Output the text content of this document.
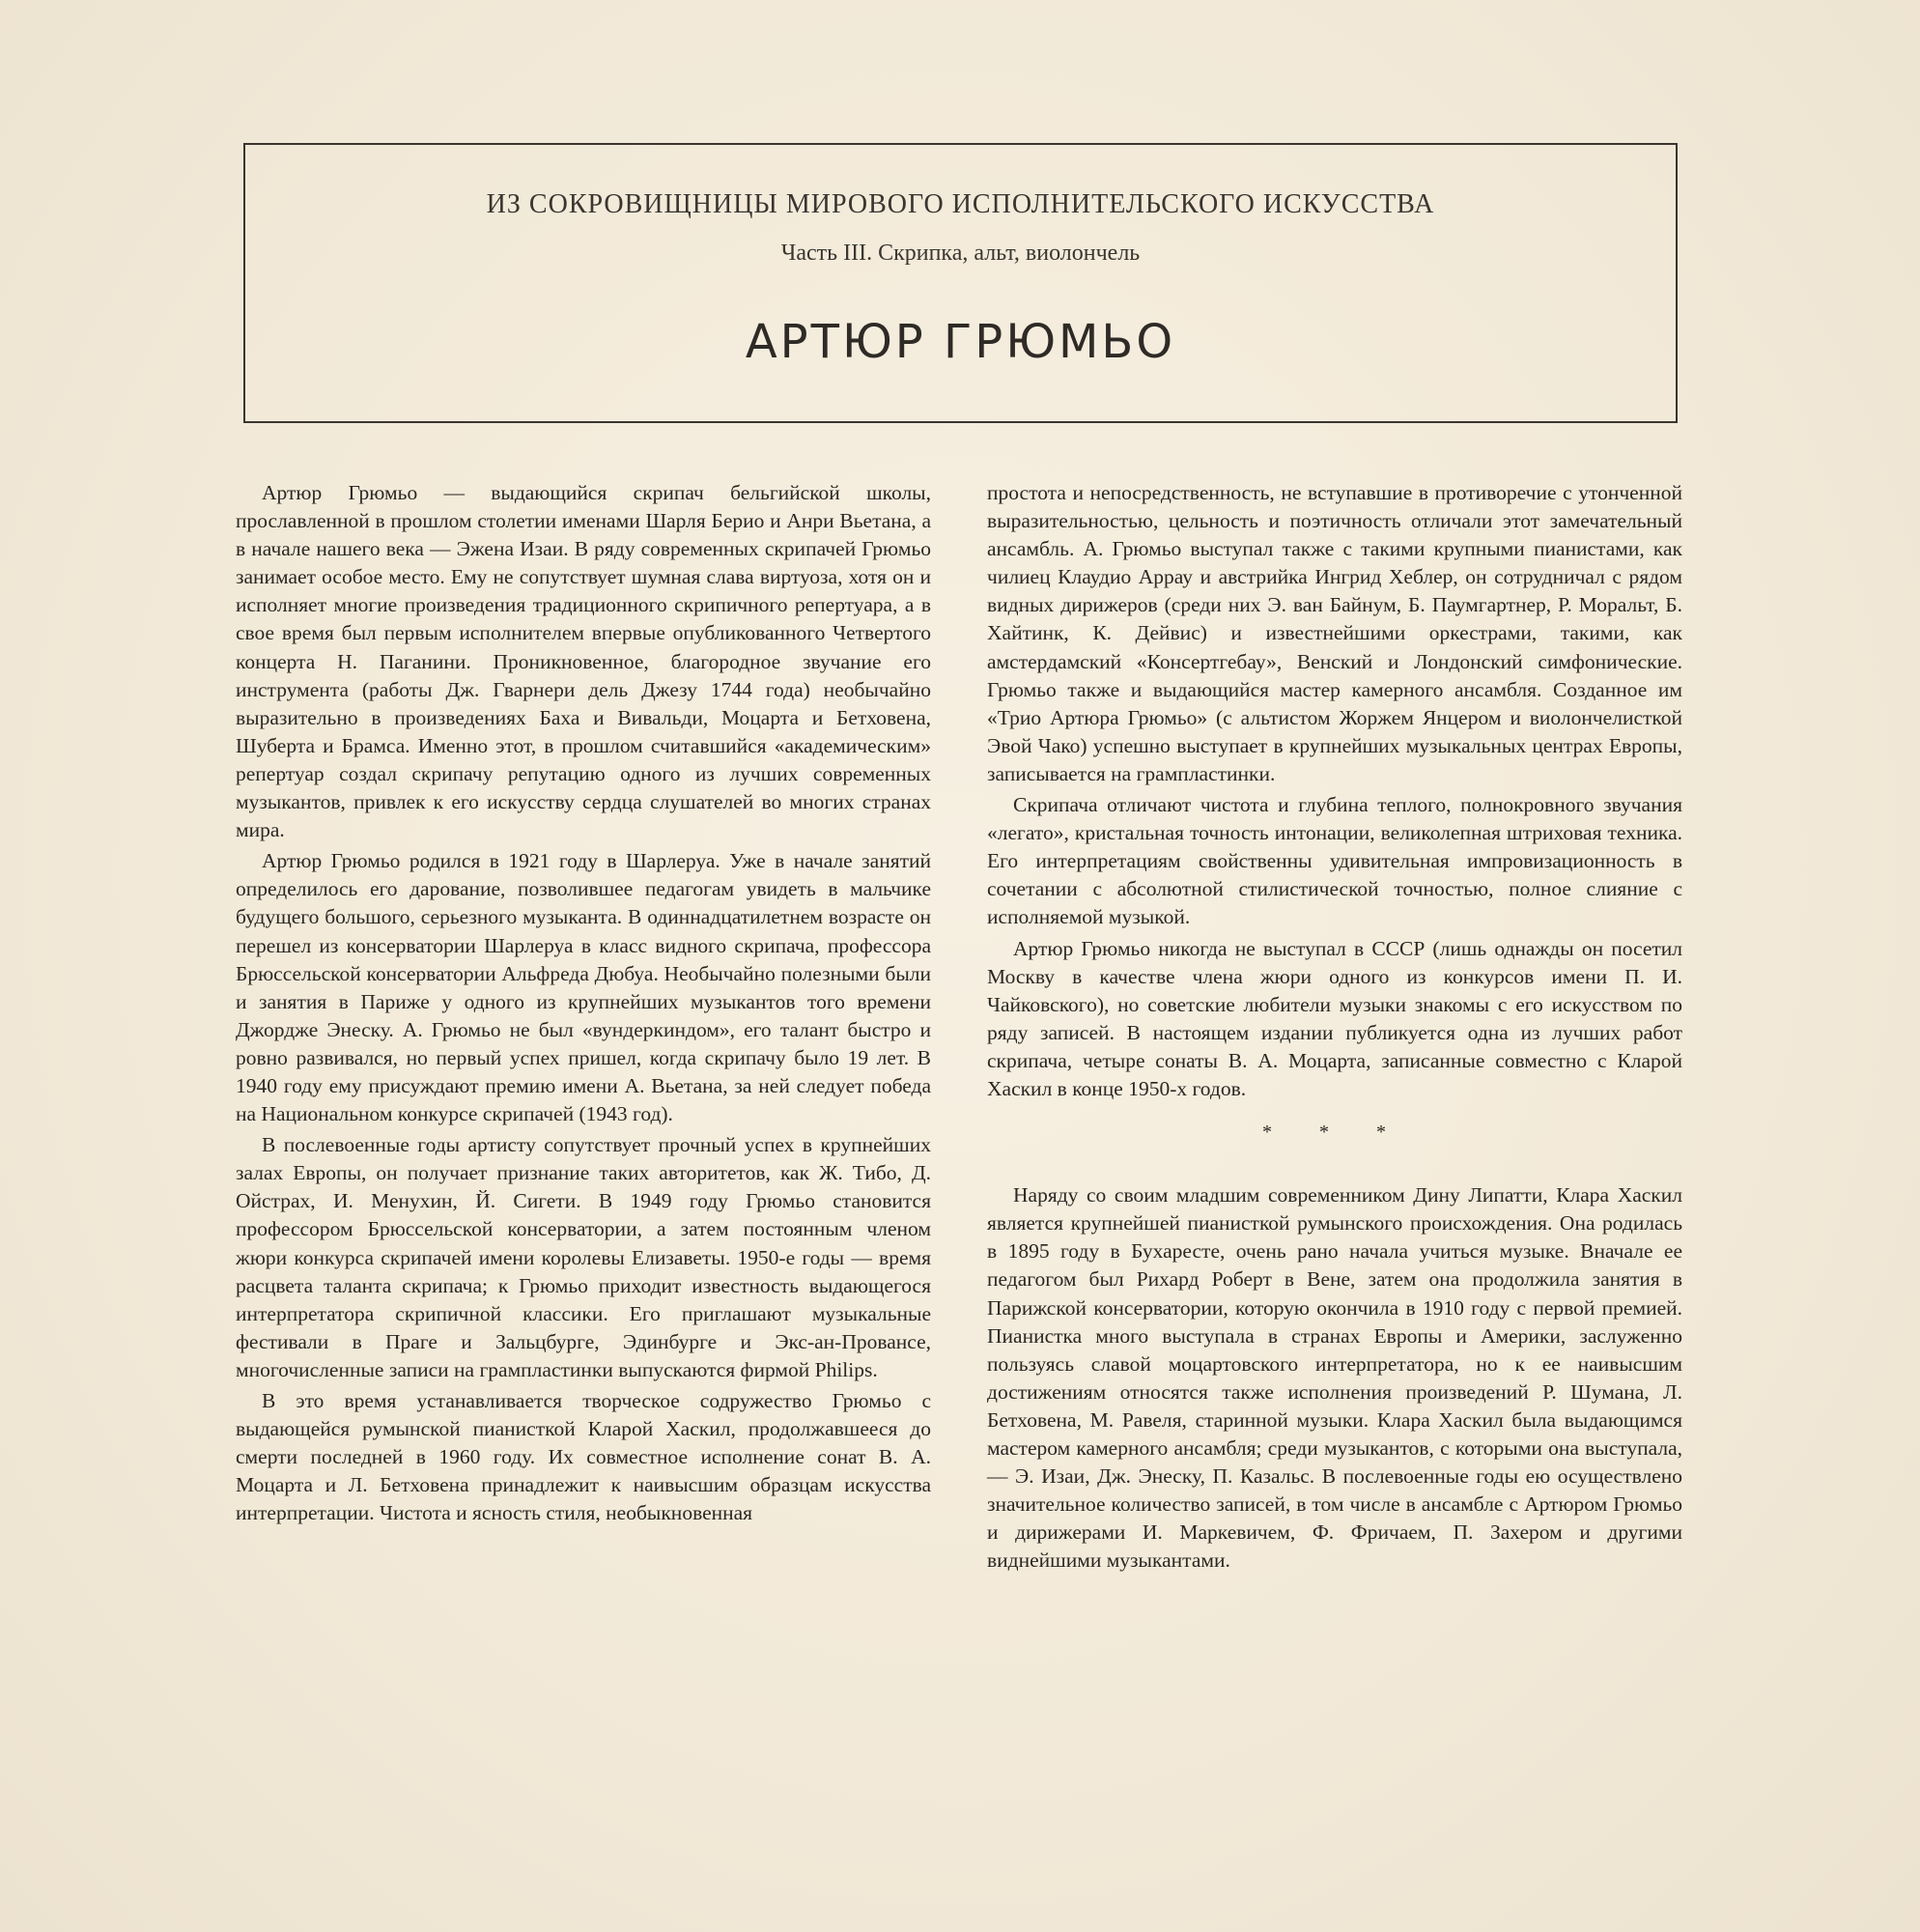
ИЗ СОКРОВИЩНИЦЫ МИРОВОГО ИСПОЛНИТЕЛЬСКОГО ИСКУССТВА
Часть III. Скрипка, альт, виолончель
АРТЮР ГРЮМЬО

Артюр Грюмьо — выдающийся скрипач бельгийской школы, прославленной в прошлом столетии именами Шарля Берио и Анри Вьетана, а в начале нашего века — Эжена Изаи. В ряду современных скрипачей Грюмьо занимает особое место. Ему не сопутствует шумная слава виртуоза, хотя он и исполняет многие произведения традиционного скрипичного репертуара, а в свое время был первым исполнителем впервые опубликованного Четвертого концерта Н. Паганини. Проникновенное, благородное звучание его инструмента (работы Дж. Гварнери дель Джезу 1744 года) необычайно выразительно в произведениях Баха и Вивальди, Моцарта и Бетховена, Шуберта и Брамса. Именно этот, в прошлом считавшийся «академическим» репертуар создал скрипачу репутацию одного из лучших современных музыкантов, привлек к его искусству сердца слушателей во многих странах мира.

Артюр Грюмьо родился в 1921 году в Шарлеруа. Уже в начале занятий определилось его дарование, позволившее педагогам увидеть в мальчике будущего большого, серьезного музыканта. В одиннадцатилетнем возрасте он перешел из консерватории Шарлеруа в класс видного скрипача, профессора Брюссельской консерватории Альфреда Дюбуа. Необычайно полезными были и занятия в Париже у одного из крупнейших музыкантов того времени Джордже Энеску. А. Грюмьо не был «вундеркиндом», его талант быстро и ровно развивался, но первый успех пришел, когда скрипачу было 19 лет. В 1940 году ему присуждают премию имени А. Вьетана, за ней следует победа на Национальном конкурсе скрипачей (1943 год).

В послевоенные годы артисту сопутствует прочный успех в крупнейших залах Европы, он получает признание таких авторитетов, как Ж. Тибо, Д. Ойстрах, И. Менухин, Й. Сигети. В 1949 году Грюмьо становится профессором Брюссельской консерватории, а затем постоянным членом жюри конкурса скрипачей имени королевы Елизаветы. 1950-е годы — время расцвета таланта скрипача; к Грюмьо приходит известность выдающегося интерпретатора скрипичной классики. Его приглашают музыкальные фестивали в Праге и Зальцбурге, Эдинбурге и Экс-ан-Провансе, многочисленные записи на грампластинки выпускаются фирмой Philips.

В это время устанавливается творческое содружество Грюмьо с выдающейся румынской пианисткой Кларой Хаскил, продолжавшееся до смерти последней в 1960 году. Их совместное исполнение сонат В. А. Моцарта и Л. Бетховена принадлежит к наивысшим образцам искусства интерпретации. Чистота и ясность стиля, необыкновенная

простота и непосредственность, не вступавшие в противоречие с утонченной выразительностью, цельность и поэтичность отличали этот замечательный ансамбль. А. Грюмьо выступал также с такими крупными пианистами, как чилиец Клаудио Аррау и австрийка Ингрид Хеблер, он сотрудничал с рядом видных дирижеров (среди них Э. ван Байнум, Б. Паумгартнер, Р. Моральт, Б. Хайтинк, К. Дейвис) и известнейшими оркестрами, такими, как амстердамский «Консертгебау», Венский и Лондонский симфонические. Грюмьо также и выдающийся мастер камерного ансамбля. Созданное им «Трио Артюра Грюмьо» (с альтистом Жоржем Янцером и виолончелисткой Эвой Чако) успешно выступает в крупнейших музыкальных центрах Европы, записывается на грампластинки.

Скрипача отличают чистота и глубина теплого, полнокровного звучания «легато», кристальная точность интонации, великолепная штриховая техника. Его интерпретациям свойственны удивительная импровизационность в сочетании с абсолютной стилистической точностью, полное слияние с исполняемой музыкой.

Артюр Грюмьо никогда не выступал в СССР (лишь однажды он посетил Москву в качестве члена жюри одного из конкурсов имени П. И. Чайковского), но советские любители музыки знакомы с его искусством по ряду записей. В настоящем издании публикуется одна из лучших работ скрипача, четыре сонаты В. А. Моцарта, записанные совместно с Кларой Хаскил в конце 1950-х годов.

* * *

Наряду со своим младшим современником Дину Липатти, Клара Хаскил является крупнейшей пианисткой румынского происхождения. Она родилась в 1895 году в Бухаресте, очень рано начала учиться музыке. Вначале ее педагогом был Рихард Роберт в Вене, затем она продолжила занятия в Парижской консерватории, которую окончила в 1910 году с первой премией. Пианистка много выступала в странах Европы и Америки, заслуженно пользуясь славой моцартовского интерпретатора, но к ее наивысшим достижениям относятся также исполнения произведений Р. Шумана, Л. Бетховена, М. Равеля, старинной музыки. Клара Хаскил была выдающимся мастером камерного ансамбля; среди музыкантов, с которыми она выступала, — Э. Изаи, Дж. Энеску, П. Казальс. В послевоенные годы ею осуществлено значительное количество записей, в том числе в ансамбле с Артюром Грюмьо и дирижерами И. Маркевичем, Ф. Фричаем, П. Захером и другими виднейшими музыкантами.
